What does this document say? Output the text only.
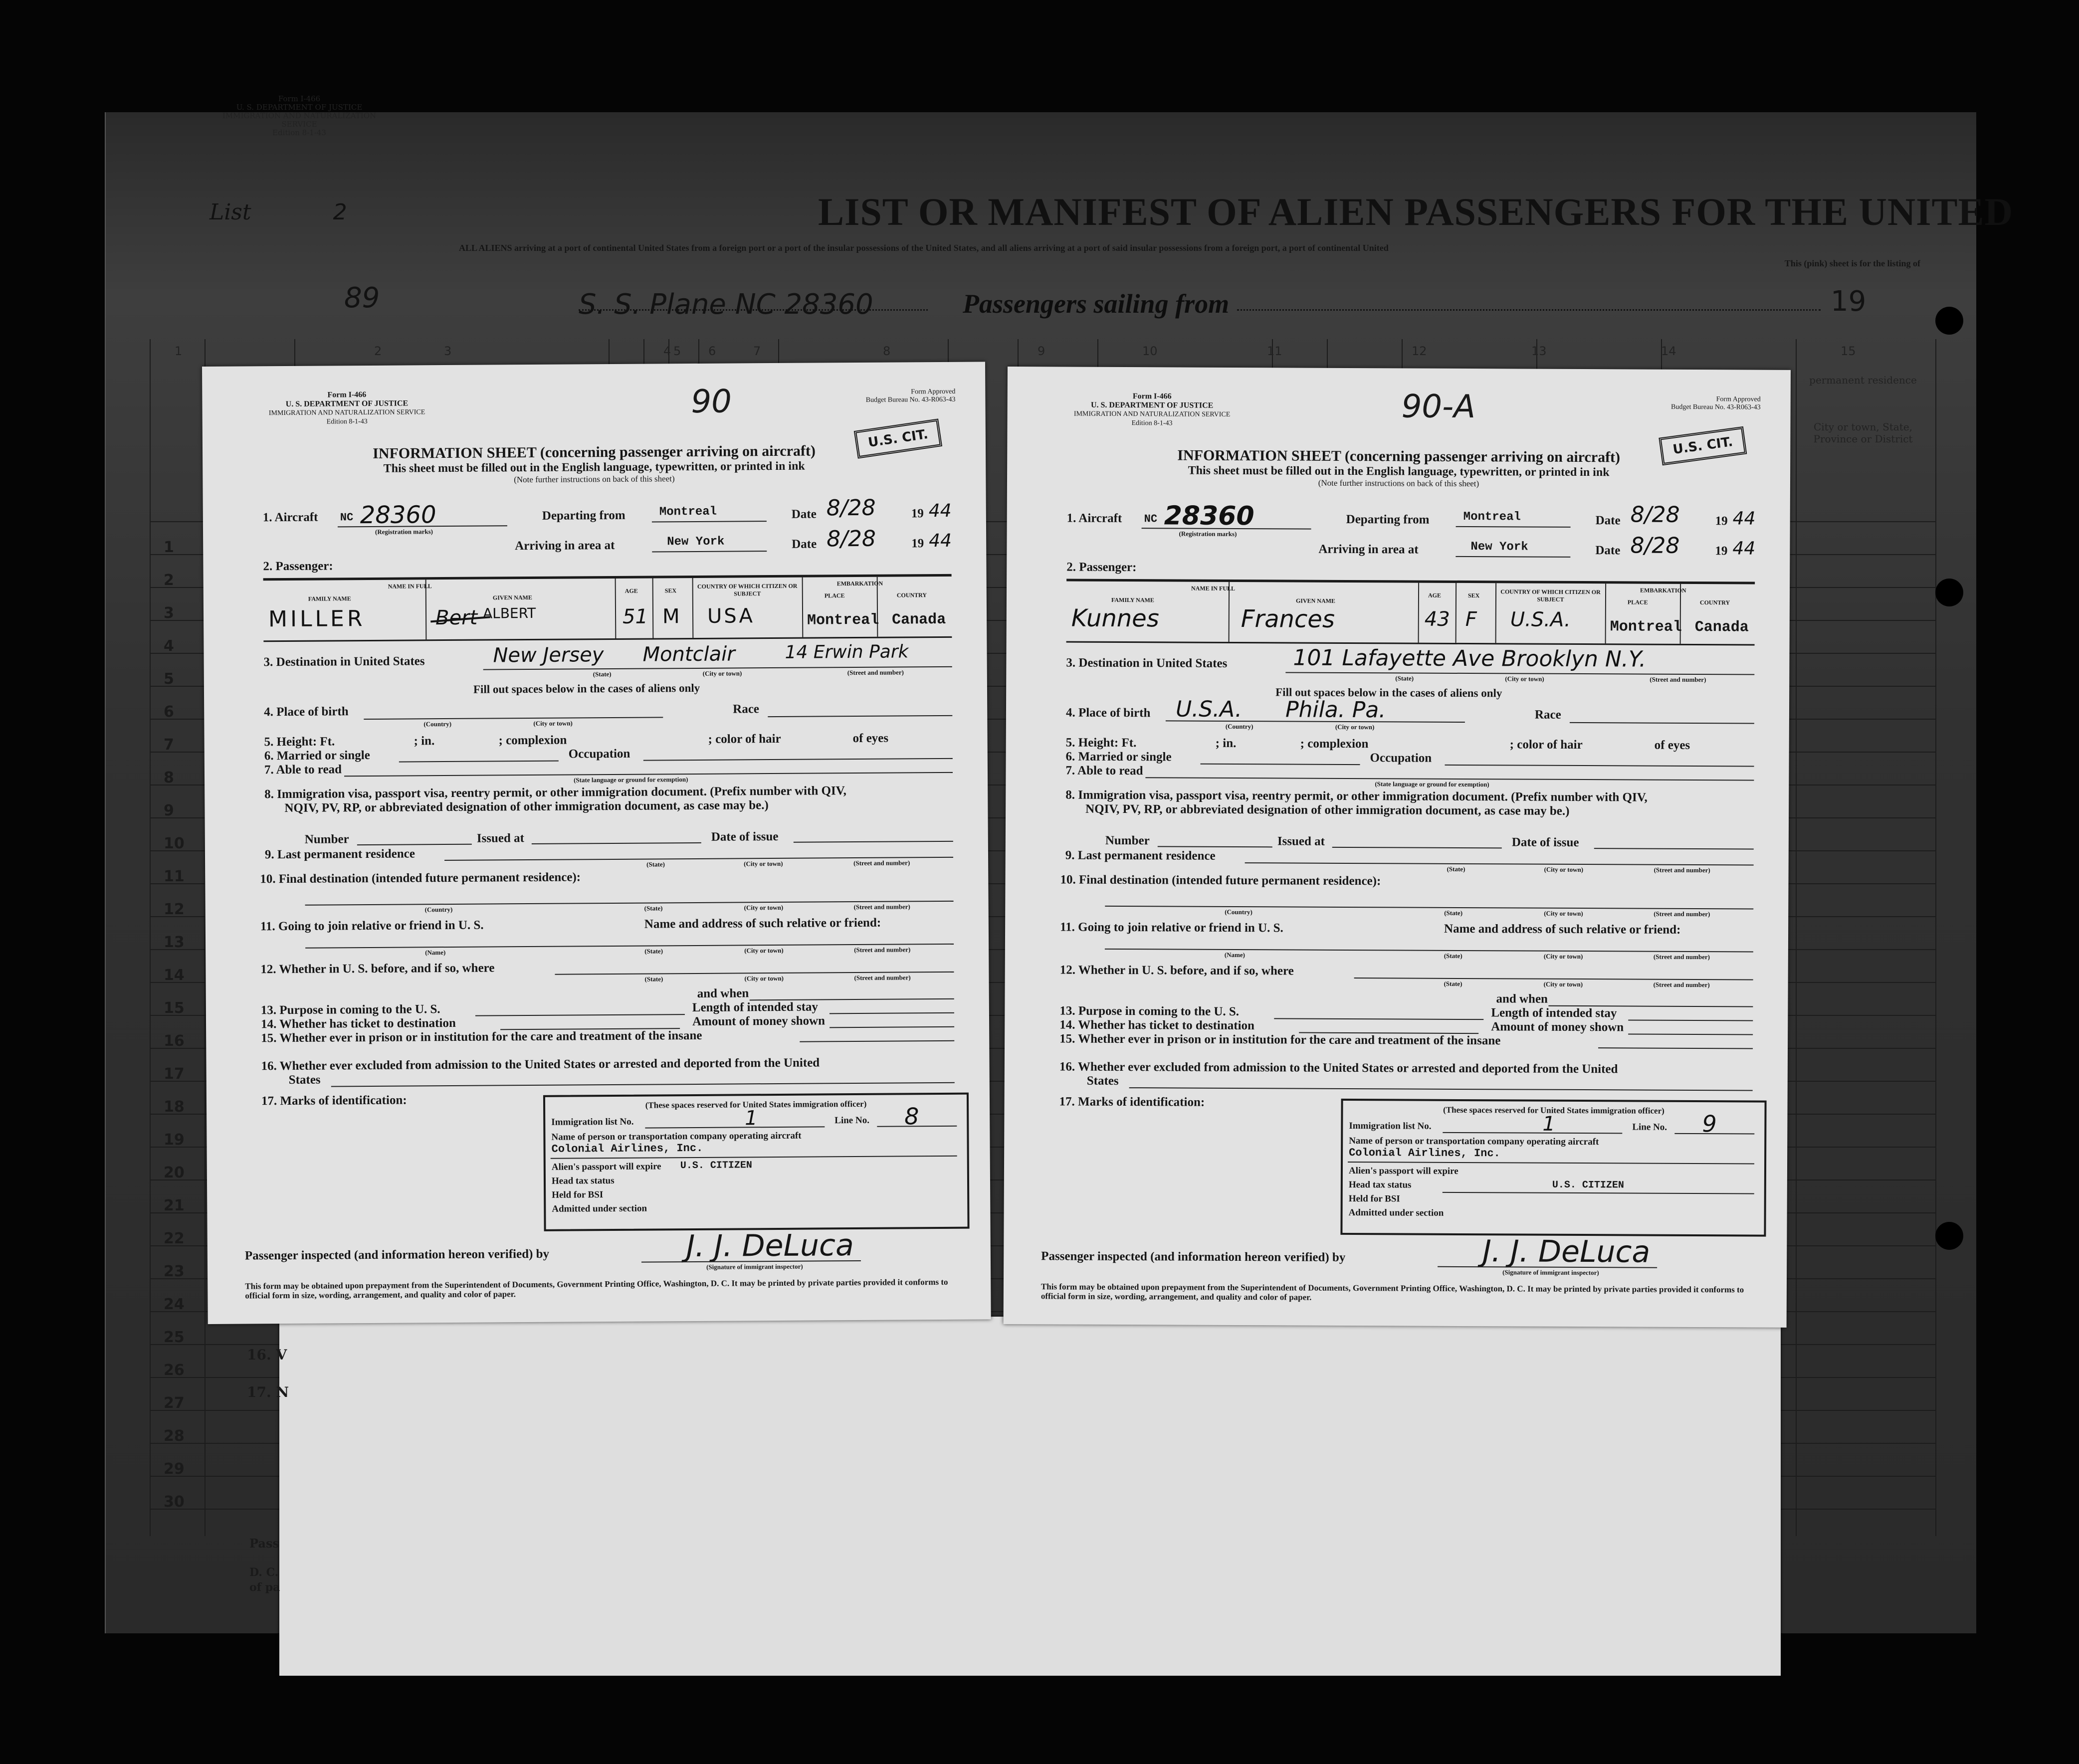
Form I-466
U. S. DEPARTMENT OF JUSTICE
IMMIGRATION AND NATURALIZATION SERVICE
Edition 8-1-43
List	2	LIST OR MANIFEST OF ALIEN PASSENGERS FOR THE UNITED
ALL ALIENS arriving at a port of continental United States from a foreign port or a port of the insular possessions of the United States, and all aliens arriving at a port of said insular possessions from a foreign port, a port of continental United
This (pink) sheet is for the listing of
89	S. S. Plane NC 28360	Passengers sailing from	19
1	2	3	4 5 6	7	8	9	10	11	12	13	14	15
1
2
3
4
5
6
7
8
9
10
11
12
13
14
15
16
17
18
19
20
21
22
23
24
25
26
27
28
29
30
permanent residence
City or town, State, Province or District
16. V
17. N
Pass
D. C.
of pa
Form I-466
U. S. DEPARTMENT OF JUSTICE
IMMIGRATION AND NATURALIZATION SERVICE
Edition 8-1-43
90	Form Approved
Budget Bureau No. 43-R063-43
U.S. CIT.
INFORMATION SHEET (concerning passenger arriving on aircraft)
This sheet must be filled out in the English language, typewritten, or printed in ink
(Note further instructions on back of this sheet)
1. Aircraft NC 28360
(Registration marks)
Departing from	Montreal	Date 8/28	19 44
Arriving in area at	New York	Date 8/28	19 44
2. Passenger:
NAME IN FULL
FAMILY NAME	GIVEN NAME
AGE	SEX
COUNTRY OF WHICH CITIZEN OR SUBJECT
EMBARKATION
PLACE	COUNTRY
MILLER	Bert ALBERT	51 M USA	Montreal Canada
3. Destination in United States	New Jersey Montclair	14 Erwin Park
(State)	(City or town)	(Street and number)
Fill out spaces below in the cases of aliens only
4. Place of birth
(Country)	(City or town)
Race
5. Height: Ft.	; in.	; complexion	; color of hair	of eyes
6. Married or single	Occupation
7. Able to read
(State language or ground for exemption)
8. Immigration visa, passport visa, reentry permit, or other immigration document. (Prefix number with QIV,
NQIV, PV, RP, or abbreviated designation of other immigration document, as case may be.)
Number	Issued at	Date of issue
9. Last permanent residence
(State)	(City or town)	(Street and number)
10. Final destination (intended future permanent residence):
(Country)	(State)	(City or town)	(Street and number)
11. Going to join relative or friend in U. S.	Name and address of such relative or friend:
(Name)	(State)	(City or town)	(Street and number)
12. Whether in U. S. before, and if so, where
(State)	(City or town)	(Street and number)
and when
13. Purpose in coming to the U. S.	Length of intended stay
14. Whether has ticket to destination	Amount of money shown
15. Whether ever in prison or in institution for the care and treatment of the insane
16. Whether ever excluded from admission to the United States or arrested and deported from the United
States
17. Marks of identification:	(These spaces reserved for United States immigration officer)
Immigration list No.	1	Line No. 8
Name of person or transportation company operating aircraft
Colonial Airlines, Inc.
Alien's passport will expire U.S. CITIZEN
Head tax status
Held for BSI
Admitted under section
Passenger inspected (and information hereon verified) by	J. J. DeLuca
(Signature of immigrant inspector)
This form may be obtained upon prepayment from the Superintendent of Documents, Government Printing Office, Washington, D. C. It may be printed by private parties provided it conforms to official form in size, wording, arrangement, and quality and color of paper.
Form I-466
U. S. DEPARTMENT OF JUSTICE
IMMIGRATION AND NATURALIZATION SERVICE
Edition 8-1-43	90-A	Form Approved
Budget Bureau No. 43-R063-43
U.S. CIT.
INFORMATION SHEET (concerning passenger arriving on aircraft)
This sheet must be filled out in the English language, typewritten, or printed in ink
(Note further instructions on back of this sheet)
1. Aircraft NC 28360
(Registration marks)
Departing from	Montreal	Date 8/28	19 44
Arriving in area at	New York	Date 8/28	19 44
2. Passenger:
NAME IN FULL
FAMILY NAME	GIVEN NAME
AGE	SEX	COUNTRY OF WHICH CITIZEN OR SUBJECT
EMBARKATION
PLACE	COUNTRY
Kunnes	Frances	43 F U.S.A.	Montreal Canada
3. Destination in United States	101 Lafayette Ave Brooklyn N.Y.
(State)	(City or town)	(Street and number)
Fill out spaces below in the cases of aliens only
4. Place of birth U.S.A. Phila. Pa.
(Country)	(City or town)
Race
5. Height: Ft.	; in.	; complexion	; color of hair	of eyes
6. Married or single	Occupation
7. Able to read
(State language or ground for exemption)
8. Immigration visa, passport visa, reentry permit, or other immigration document. (Prefix number with QIV,
NQIV, PV, RP, or abbreviated designation of other immigration document, as case may be.)
Number	Issued at	Date of issue
9. Last permanent residence
(State)	(City or town)	(Street and number)
10. Final destination (intended future permanent residence):
(Country)	(State)	(City or town)	(Street and number)
11. Going to join relative or friend in U. S.	Name and address of such relative or friend:
(Name)	(State)	(City or town)	(Street and number)
12. Whether in U. S. before, and if so, where
(State)	(City or town)	(Street and number)
and when
13. Purpose in coming to the U. S.	Length of intended stay
14. Whether has ticket to destination	Amount of money shown
15. Whether ever in prison or in institution for the care and treatment of the insane
16. Whether ever excluded from admission to the United States or arrested and deported from the United
States
17. Marks of identification:
(These spaces reserved for United States immigration officer)
Immigration list No.	1	Line No. 9
Name of person or transportation company operating aircraft
Colonial Airlines, Inc.
Alien's passport will expire
Head tax status	U.S. CITIZEN
Held for BSI
Admitted under section
Passenger inspected (and information hereon verified) by	J. J. DeLuca
(Signature of immigrant inspector)
This form may be obtained upon prepayment from the Superintendent of Documents, Government Printing Office, Washington, D. C. It may be printed by private parties provided it conforms to official form in size, wording, arrangement, and quality and color of paper.
